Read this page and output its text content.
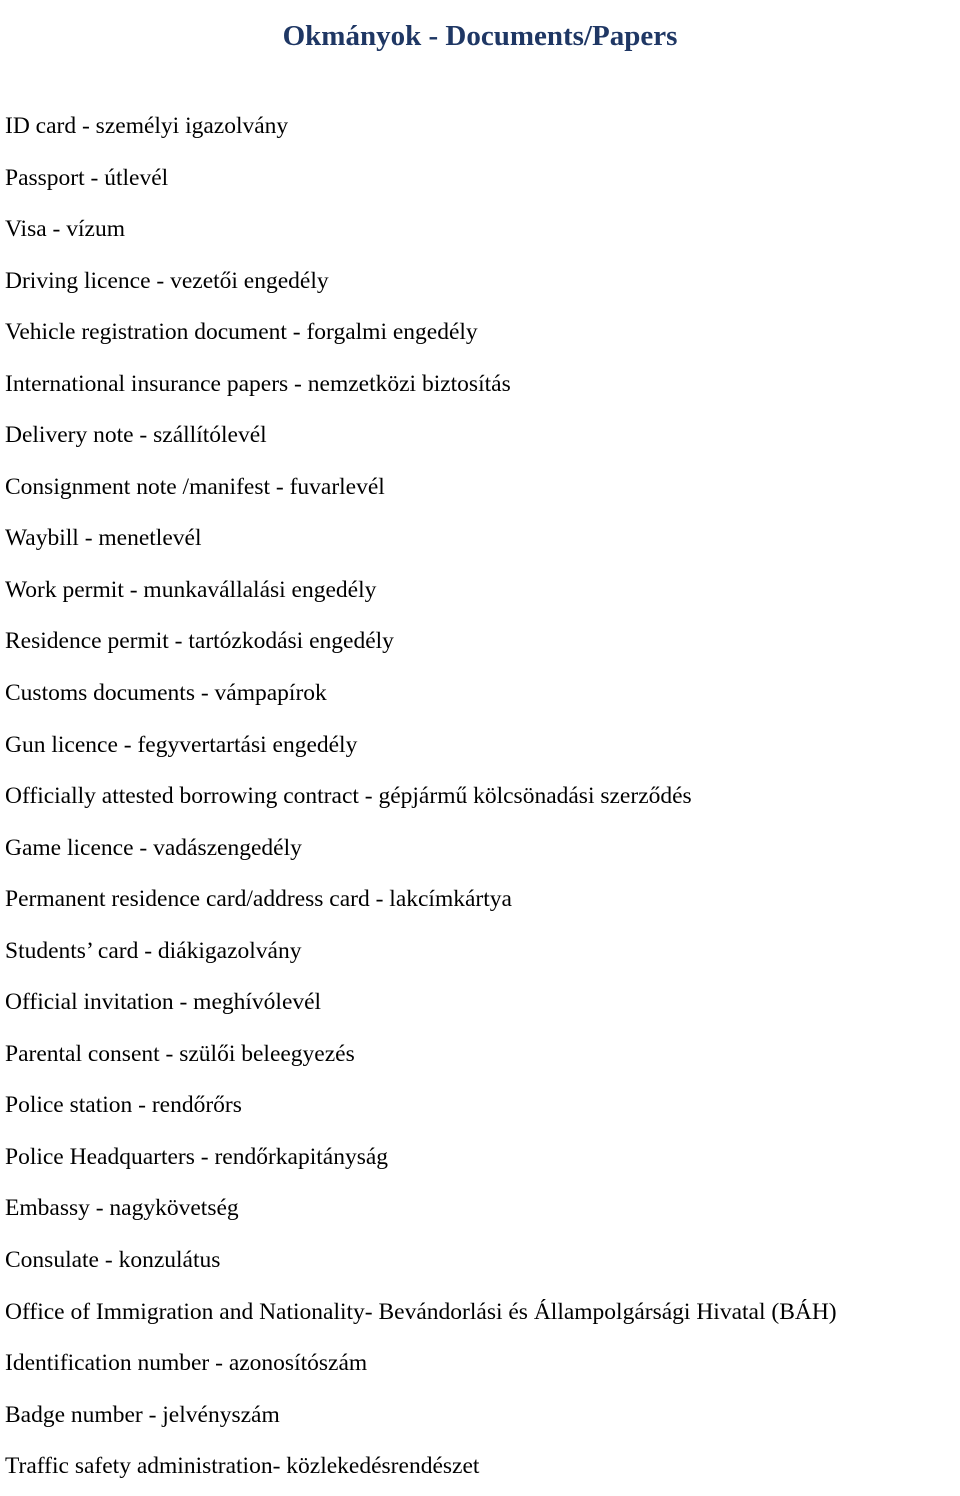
Okmányok - Documents/Papers
ID card - személyi igazolvány
Passport - útlevél
Visa - vízum
Driving licence - vezetői engedély
Vehicle registration document - forgalmi engedély
International insurance papers - nemzetközi biztosítás
Delivery note - szállítólevél
Consignment note /manifest - fuvarlevél
Waybill - menetlevél
Work permit - munkavállalási engedély
Residence permit - tartózkodási engedély
Customs documents - vámpapírok
Gun licence - fegyvertartási engedély
Officially attested borrowing contract - gépjármű kölcsönadási szerződés
Game licence - vadászengedély
Permanent residence card/address card - lakcímkártya
Students’ card - diákigazolvány
Official invitation - meghívólevél
Parental consent - szülői beleegyezés
Police station - rendőrőrs
Police Headquarters - rendőrkapitányság
Embassy - nagykövetség
Consulate - konzulátus
Office of Immigration and Nationality- Bevándorlási és Állampolgársági Hivatal (BÁH)
Identification number - azonosítószám
Badge number - jelvényszám
Traffic safety administration- közlekedésrendészet
